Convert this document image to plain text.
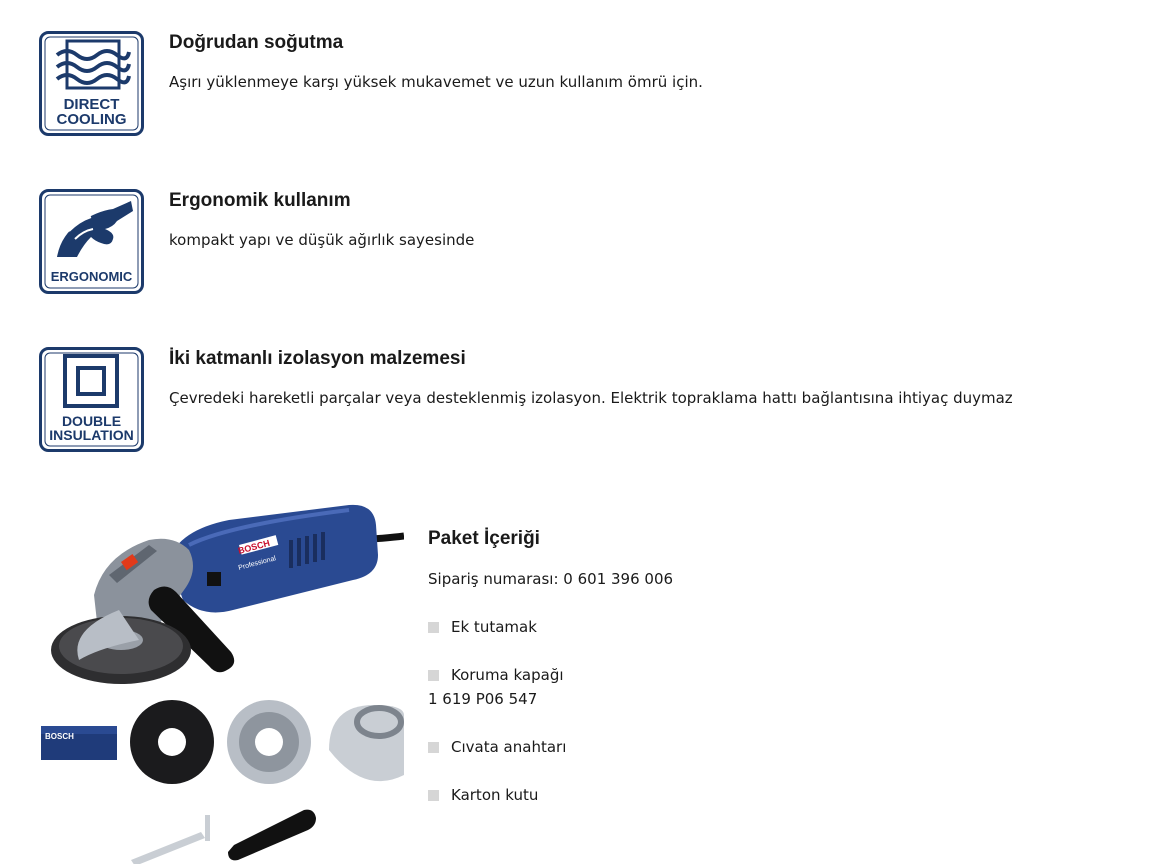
DIRECT
COOLING
Doğrudan soğutma

Aşırı yüklenmeye karşı yüksek mukavemet ve uzun kullanım ömrü için.

ERGONOMIC
Ergonomik kullanım

kompakt yapı ve düşük ağırlık sayesinde

DOUBLE
INSULATION
İki katmanlı izolasyon malzemesi

Çevredeki hareketli parçalar veya desteklenmiş izolasyon. Elektrik topraklama hattı bağlantısına ihtiyaç duymaz

BOSCH
Professional
BOSCH
Paket İçeriği
Sipariş numarası: 0 601 396 006
Ek tutamak
Koruma kapağı
1 619 P06 547
Cıvata anahtarı
Karton kutu
